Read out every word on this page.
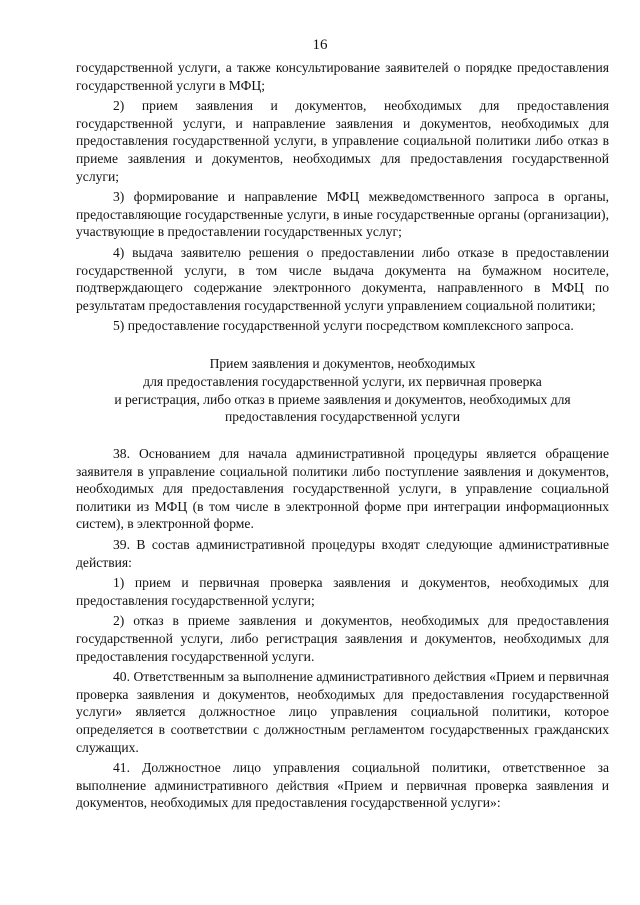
16

государственной услуги, а также консультирование заявителей о порядке предоставления государственной услуги в МФЦ;

2) прием заявления и документов, необходимых для предоставления государственной услуги, и направление заявления и документов, необходимых для предоставления государственной услуги, в управление социальной политики либо отказ в приеме заявления и документов, необходимых для предоставления государственной услуги;

3) формирование и направление МФЦ межведомственного запроса в органы, предоставляющие государственные услуги, в иные государственные органы (организации), участвующие в предоставлении государственных услуг;

4) выдача заявителю решения о предоставлении либо отказе в предоставлении государственной услуги, в том числе выдача документа на бумажном носителе, подтверждающего содержание электронного документа, направленного в МФЦ по результатам предоставления государственной услуги управлением социальной политики;

5) предоставление государственной услуги посредством комплексного запроса.

Прием заявления и документов, необходимых
для предоставления государственной услуги, их первичная проверка
и регистрация, либо отказ в приеме заявления и документов, необходимых для
предоставления государственной услуги

38. Основанием для начала административной процедуры является обращение заявителя в управление социальной политики либо поступление заявления и документов, необходимых для предоставления государственной услуги, в управление социальной политики из МФЦ (в том числе в электронной форме при интеграции информационных систем), в электронной форме.

39. В состав административной процедуры входят следующие административные действия:

1) прием и первичная проверка заявления и документов, необходимых для предоставления государственной услуги;

2) отказ в приеме заявления и документов, необходимых для предоставления государственной услуги, либо регистрация заявления и документов, необходимых для предоставления государственной услуги.

40. Ответственным за выполнение административного действия «Прием и первичная проверка заявления и документов, необходимых для предоставления государственной услуги» является должностное лицо управления социальной политики, которое определяется в соответствии с должностным регламентом государственных гражданских служащих.

41. Должностное лицо управления социальной политики, ответственное за выполнение административного действия «Прием и первичная проверка заявления и документов, необходимых для предоставления государственной услуги»:
